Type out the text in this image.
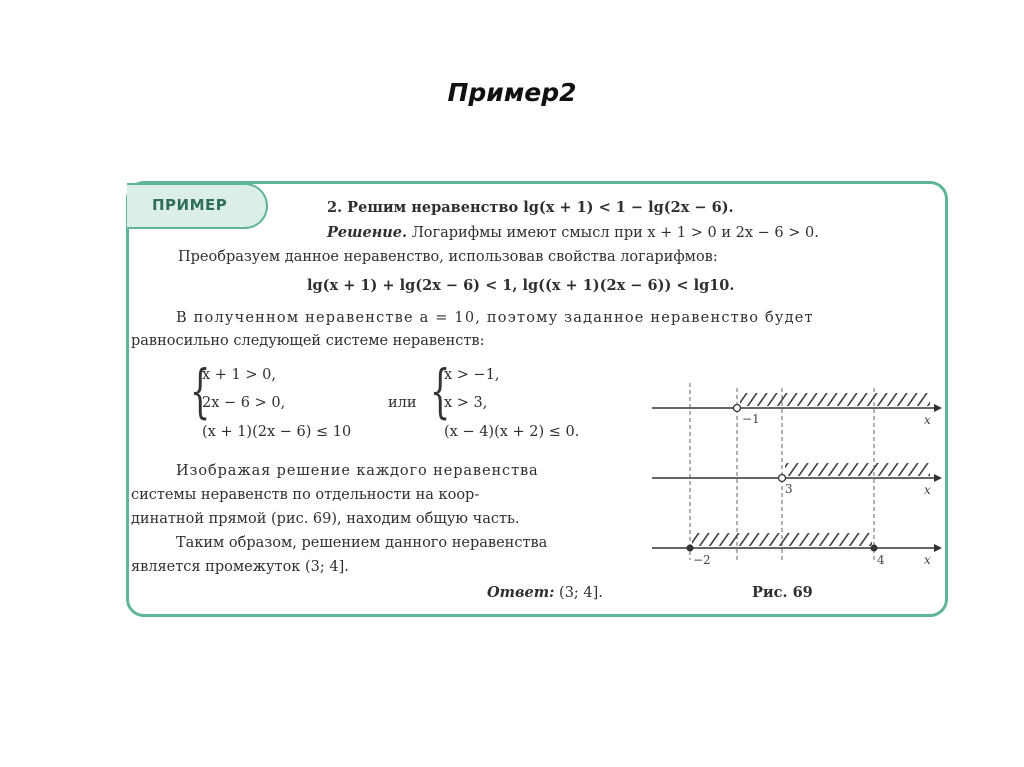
Пример2
ПРИМЕР	2. Решим неравенство lg(x + 1) < 1 − lg(2x − 6).
Решение. Логарифмы имеют смысл при x + 1 > 0 и 2x − 6 > 0.
Преобразуем данное неравенство, использовав свойства логарифмов:
lg(x + 1) + lg(2x − 6) < 1, lg((x + 1)(2x − 6)) < lg10.
В полученном неравенстве a = 10, поэтому заданное неравенство будет
равносильно следующей системе неравенств:
{
x + 1 > 0,
2x − 6 > 0,
(x + 1)(2x − 6) ≤ 10
или {
x > −1,
x > 3,
(x − 4)(x + 2) ≤ 0.
Изображая решение каждого неравенства
системы неравенств по отдельности на коор-
динатной прямой (рис. 69), находим общую часть.
Таким образом, решением данного неравенства
является промежуток (3; 4].
Ответ: (3; 4].
−1	x
3	x
−2	4	x
Рис. 69
